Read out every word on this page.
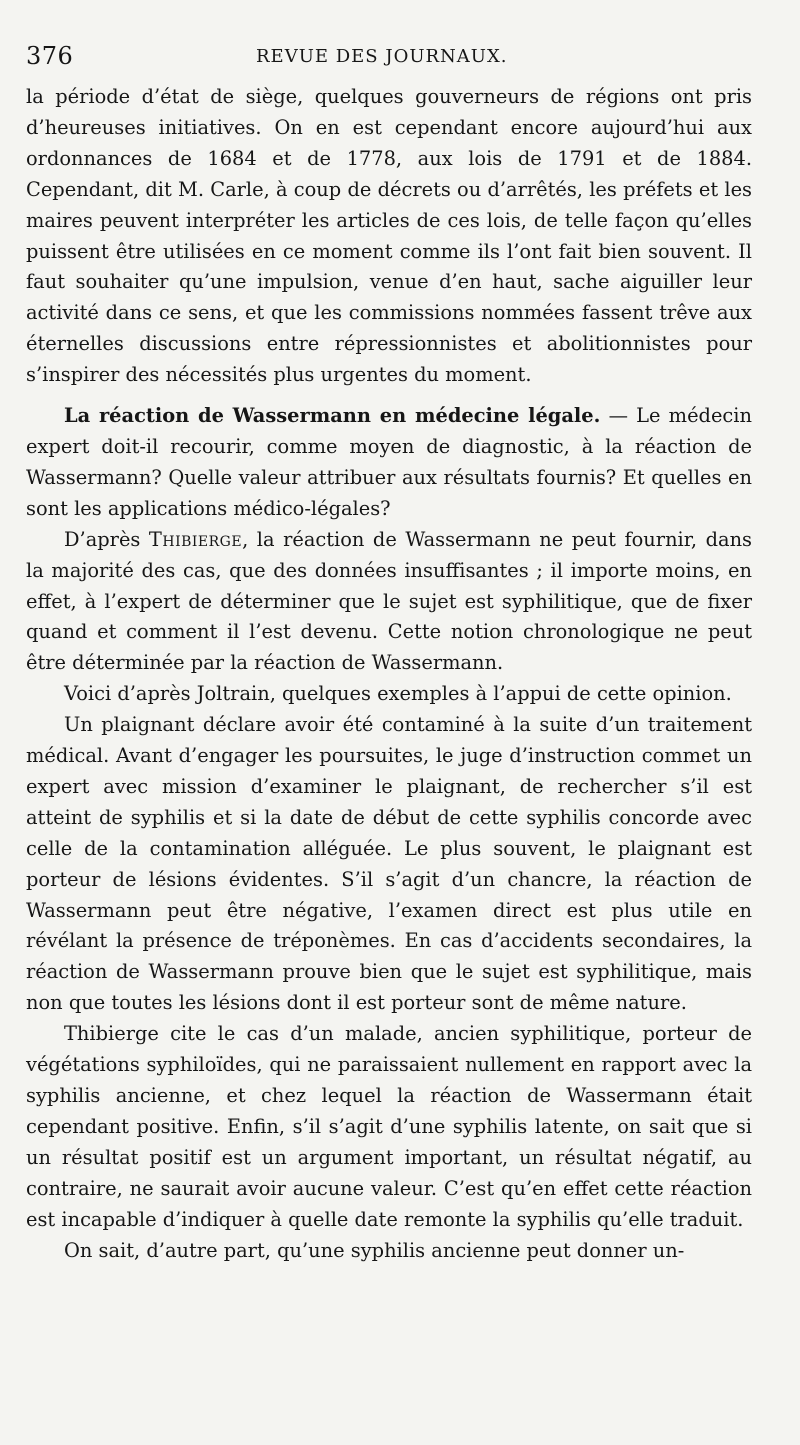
376	REVUE DES JOURNAUX.

la période d’état de siège, quelques gouverneurs de régions ont pris d’heureuses initiatives. On en est cependant encore aujourd’hui aux ordonnances de 1684 et de 1778, aux lois de 1791 et de 1884. Cependant, dit M. Carle, à coup de décrets ou d’arrêtés, les préfets et les maires peuvent interpréter les articles de ces lois, de telle façon qu’elles puissent être utilisées en ce moment comme ils l’ont fait bien souvent. Il faut souhaiter qu’une impulsion, venue d’en haut, sache aiguiller leur activité dans ce sens, et que les commissions nommées fassent trêve aux éternelles discussions entre répressionnistes et abolitionnistes pour s’inspirer des nécessités plus urgentes du moment.

La réaction de Wassermann en médecine légale. — Le médecin expert doit-il recourir, comme moyen de diagnostic, à la réaction de Wassermann? Quelle valeur attribuer aux résultats fournis? Et quelles en sont les applications médico-légales?

D’après Thibierge, la réaction de Wassermann ne peut fournir, dans la majorité des cas, que des données insuffisantes ; il importe moins, en effet, à l’expert de déterminer que le sujet est syphilitique, que de fixer quand et comment il l’est devenu. Cette notion chronologique ne peut être déterminée par la réaction de Wassermann.

Voici d’après Joltrain, quelques exemples à l’appui de cette opinion.

Un plaignant déclare avoir été contaminé à la suite d’un traitement médical. Avant d’engager les poursuites, le juge d’instruction commet un expert avec mission d’examiner le plaignant, de rechercher s’il est atteint de syphilis et si la date de début de cette syphilis concorde avec celle de la contamination alléguée. Le plus souvent, le plaignant est porteur de lésions évidentes. S’il s’agit d’un chancre, la réaction de Wassermann peut être négative, l’examen direct est plus utile en révélant la présence de tréponèmes. En cas d’accidents secondaires, la réaction de Wassermann prouve bien que le sujet est syphilitique, mais non que toutes les lésions dont il est porteur sont de même nature.

Thibierge cite le cas d’un malade, ancien syphilitique, porteur de végétations syphiloïdes, qui ne paraissaient nullement en rapport avec la syphilis ancienne, et chez lequel la réaction de Wassermann était cependant positive. Enfin, s’il s’agit d’une syphilis latente, on sait que si un résultat positif est un argument important, un résultat négatif, au contraire, ne saurait avoir aucune valeur. C’est qu’en effet cette réaction est incapable d’indiquer à quelle date remonte la syphilis qu’elle traduit.

On sait, d’autre part, qu’une syphilis ancienne peut donner un-
